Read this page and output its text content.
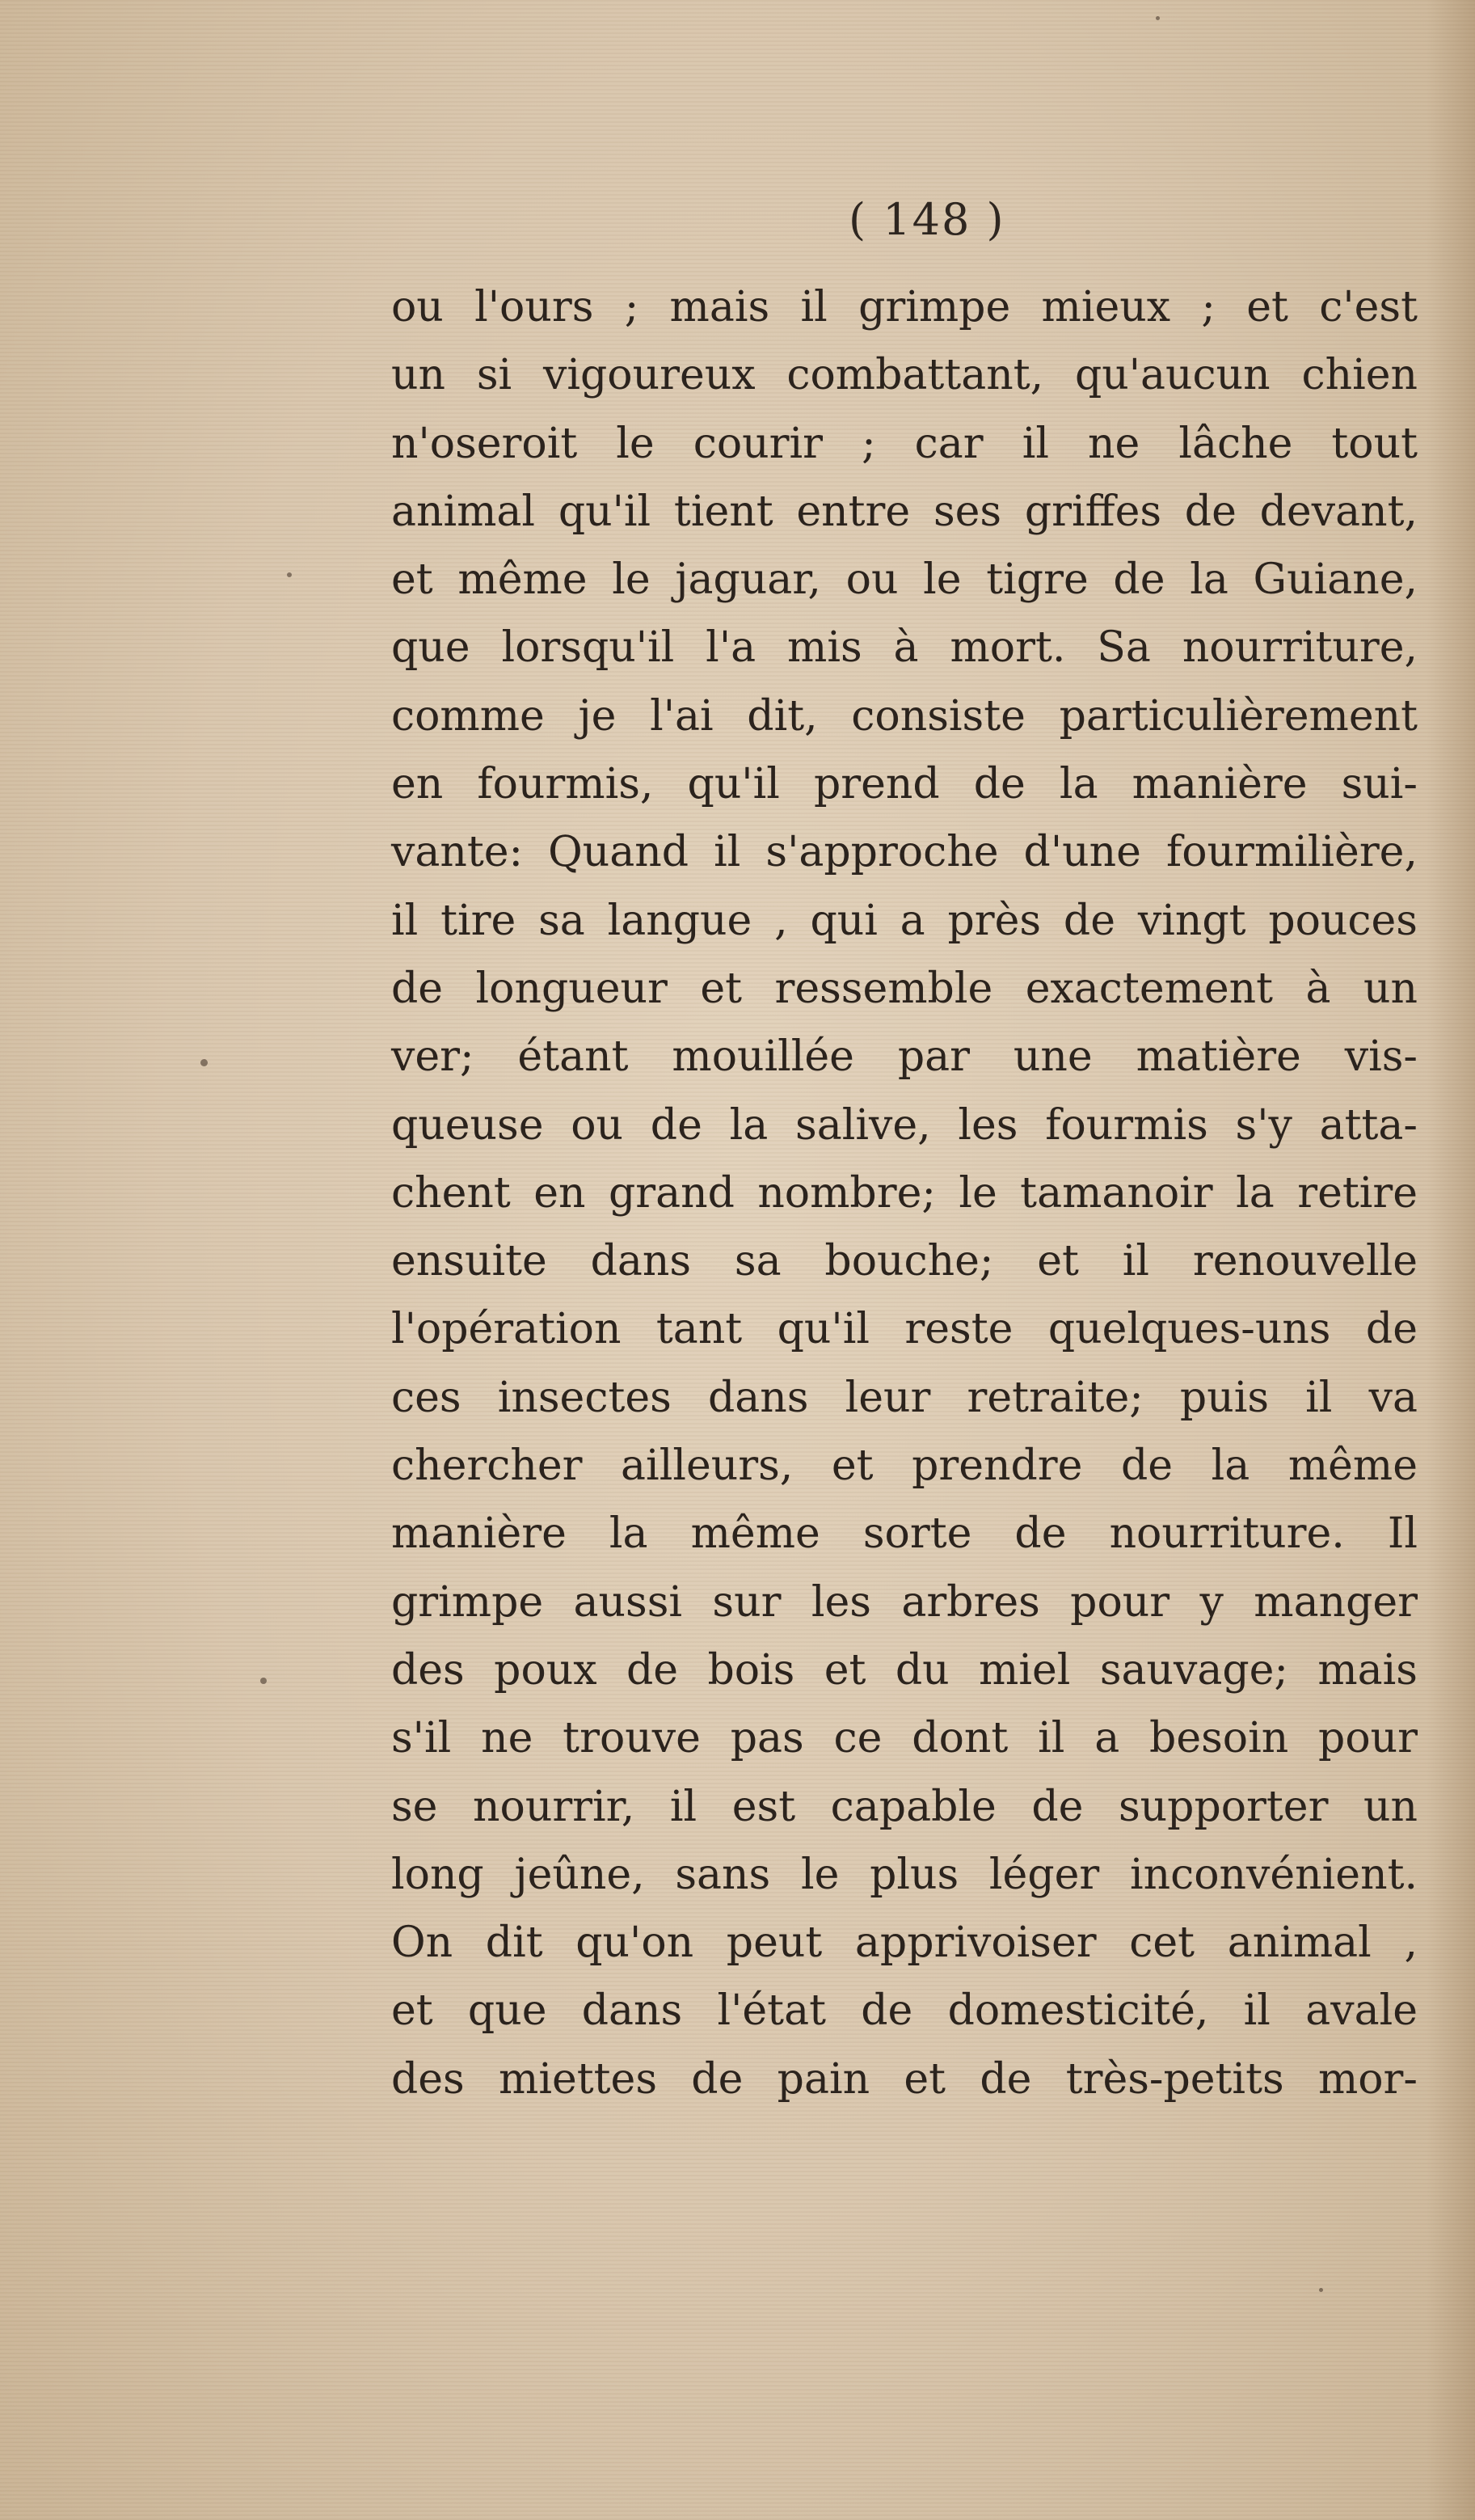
( 148 )
ou l'ours ; mais il grimpe mieux ; et c'est
un si vigoureux combattant, qu'aucun chien
n'oseroit le courir ; car il ne lâche tout
animal qu'il tient entre ses griffes de devant,
et même le jaguar, ou le tigre de la Guiane,
que lorsqu'il l'a mis à mort. Sa nourriture,
comme je l'ai dit, consiste particulièrement
en fourmis, qu'il prend de la manière sui-
vante: Quand il s'approche d'une fourmilière,
il tire sa langue , qui a près de vingt pouces
de longueur et ressemble exactement à un
ver; étant mouillée par une matière vis-
queuse ou de la salive, les fourmis s'y atta-
chent en grand nombre; le tamanoir la retire
ensuite dans sa bouche; et il renouvelle
l'opération tant qu'il reste quelques-uns de
ces insectes dans leur retraite; puis il va
chercher ailleurs, et prendre de la même
manière la même sorte de nourriture. Il
grimpe aussi sur les arbres pour y manger
des poux de bois et du miel sauvage; mais
s'il ne trouve pas ce dont il a besoin pour
se nourrir, il est capable de supporter un
long jeûne, sans le plus léger inconvénient.
On dit qu'on peut apprivoiser cet animal ,
et que dans l'état de domesticité, il avale
des miettes de pain et de très-petits mor-
